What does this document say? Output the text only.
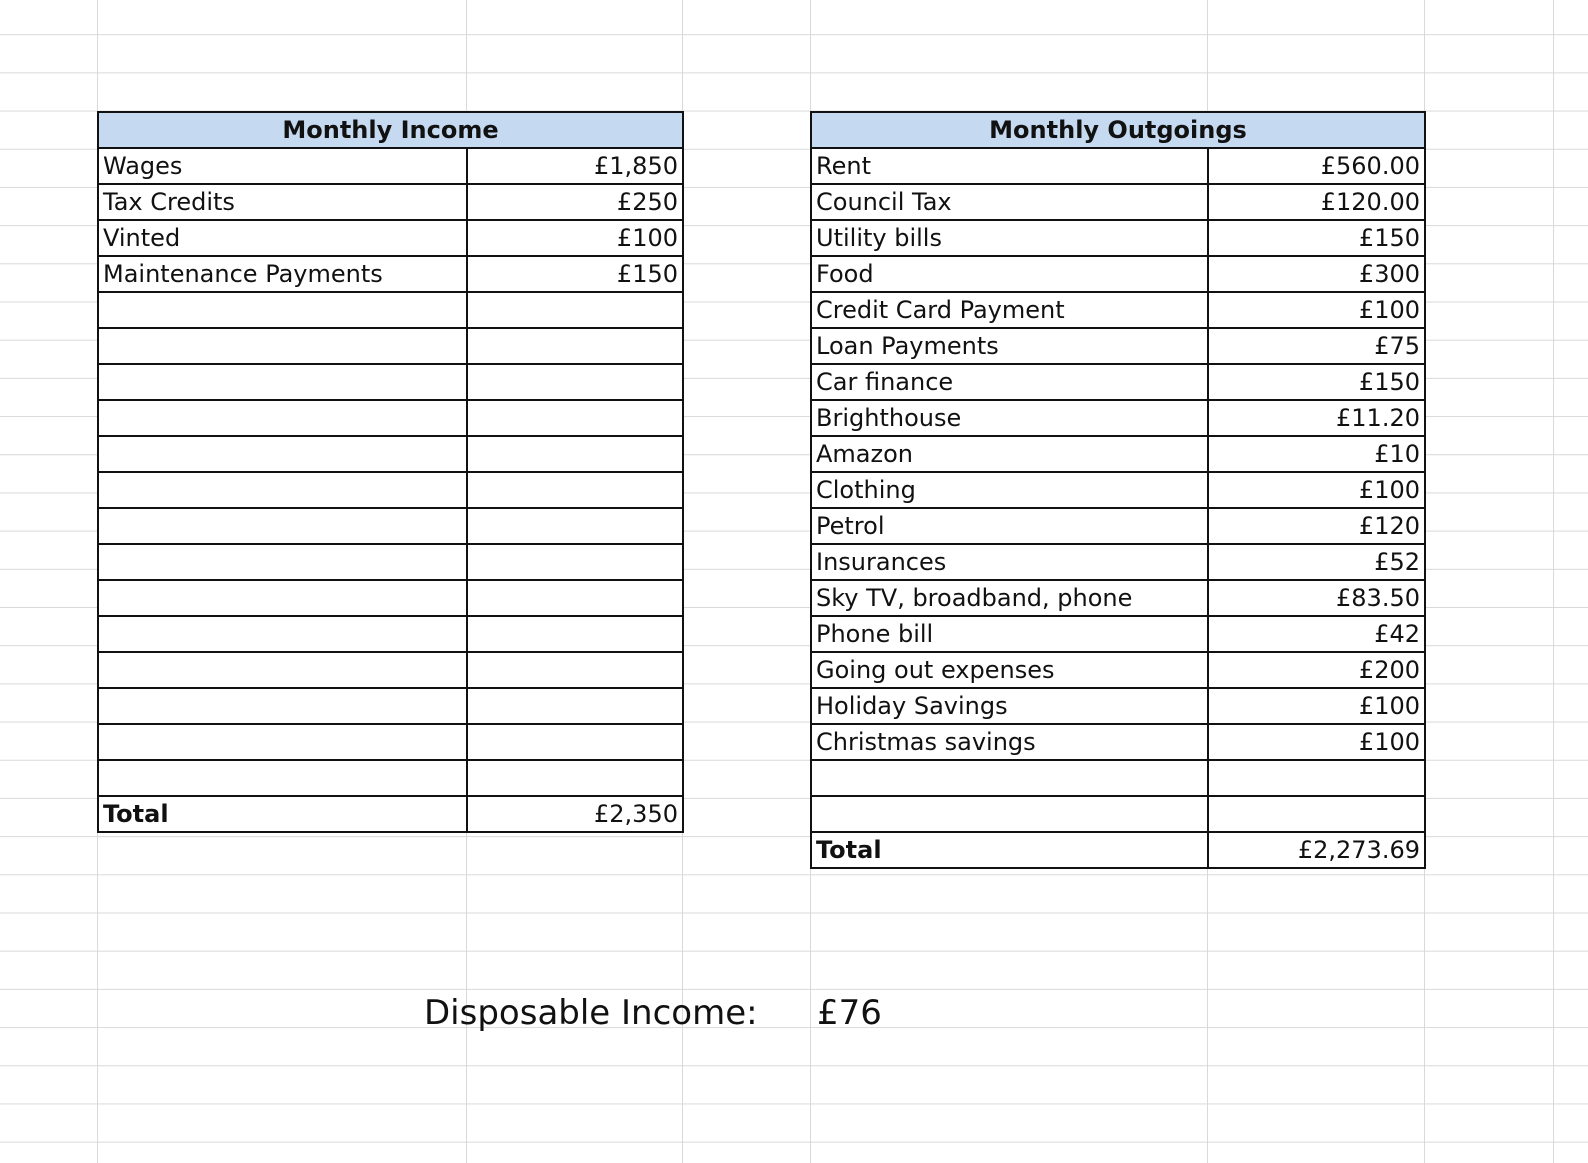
Monthly Income	
Wages	£1,850
Tax Credits	£250
Vinted	£100
Maintenance Payments	£150

Total	£2,350
Monthly Outgoings	
Rent	£560.00
Council Tax	£120.00
Utility bills	£150
Food	£300
Credit Card Payment	£100
Loan Payments	£75
Car finance	£150
Brighthouse	£11.20
Amazon	£10
Clothing	£100
Petrol	£120
Insurances	£52
Sky TV, broadband, phone	£83.50
Phone bill	£42
Going out expenses	£200
Holiday Savings	£100
Christmas savings	£100

Total	£2,273.69
Disposable Income: £76
